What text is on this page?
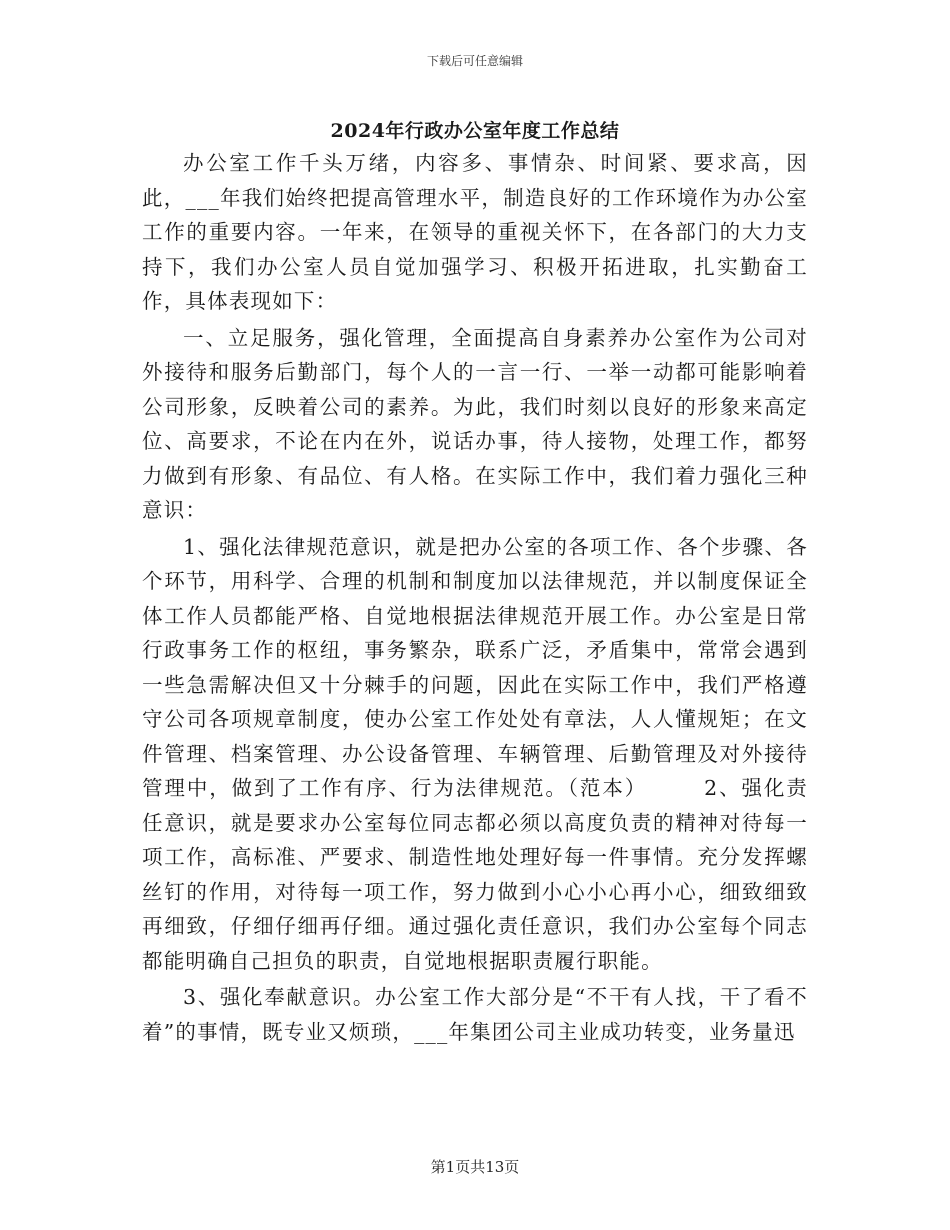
下载后可任意编辑
2024年行政办公室年度工作总结

办公室工作千头万绪，内容多、事情杂、时间紧、要求高，因此，___年我们始终把提高管理水平，制造良好的工作环境作为办公室工作的重要内容。一年来，在领导的重视关怀下，在各部门的大力支持下，我们办公室人员自觉加强学习、积极开拓进取，扎实勤奋工作，具体表现如下：

一、立足服务，强化管理，全面提高自身素养办公室作为公司对外接待和服务后勤部门，每个人的一言一行、一举一动都可能影响着公司形象，反映着公司的素养。为此，我们时刻以良好的形象来高定位、高要求，不论在内在外，说话办事，待人接物，处理工作，都努力做到有形象、有品位、有人格。在实际工作中，我们着力强化三种意识：

1、强化法律规范意识，就是把办公室的各项工作、各个步骤、各个环节，用科学、合理的机制和制度加以法律规范，并以制度保证全体工作人员都能严格、自觉地根据法律规范开展工作。办公室是日常行政事务工作的枢纽，事务繁杂，联系广泛，矛盾集中，常常会遇到一些急需解决但又十分棘手的问题，因此在实际工作中，我们严格遵守公司各项规章制度，使办公室工作处处有章法，人人懂规矩；在文件管理、档案管理、办公设备管理、车辆管理、后勤管理及对外接待管理中，做到了工作有序、行为法律规范。（范本）　　　2、强化责任意识，就是要求办公室每位同志都必须以高度负责的精神对待每一项工作，高标准、严要求、制造性地处理好每一件事情。充分发挥螺丝钉的作用，对待每一项工作，努力做到小心小心再小心，细致细致再细致，仔细仔细再仔细。通过强化责任意识，我们办公室每个同志都能明确自己担负的职责，自觉地根据职责履行职能。

3、强化奉献意识。办公室工作大部分是“不干有人找，干了看不着”的事情，既专业又烦琐，___年集团公司主业成功转变，业务量迅

第1页共13页
